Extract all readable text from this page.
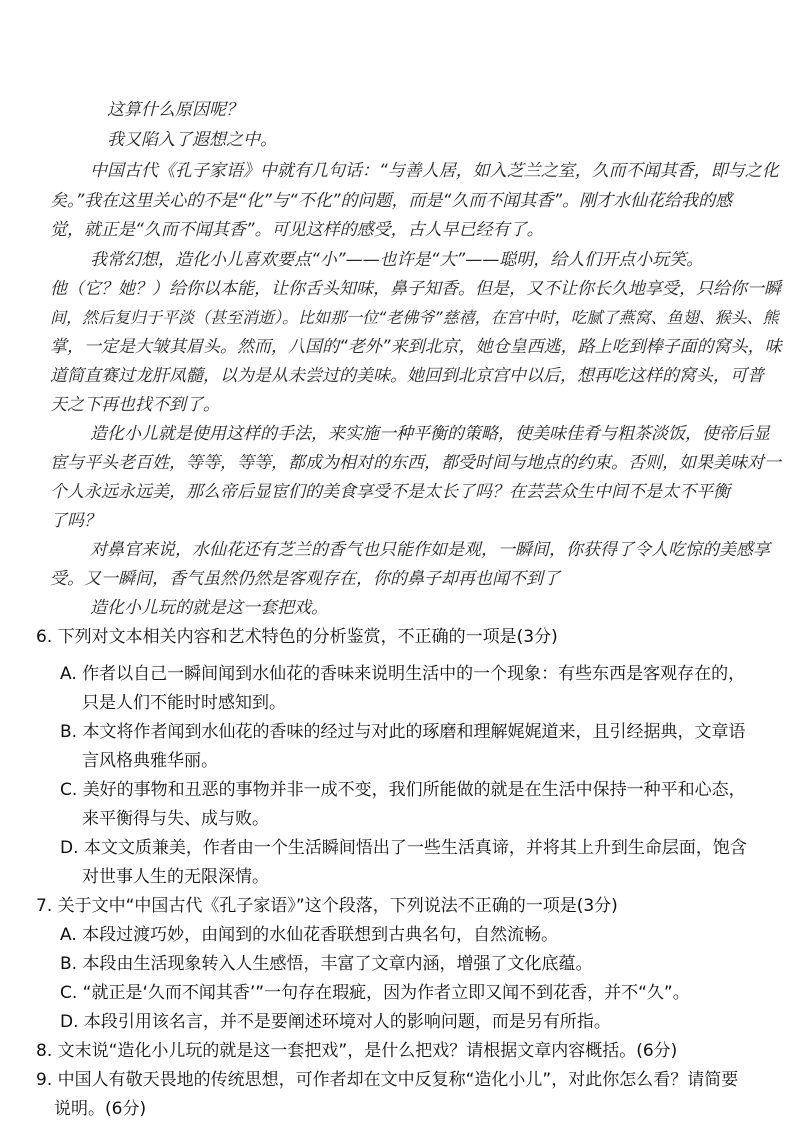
这算什么原因呢？
我又陷入了遐想之中。
中国古代《孔子家语》中就有几句话：“与善人居，如入芝兰之室，久而不闻其香，即与之化
矣。”我在这里关心的不是“化”与“不化”的问题，而是“久而不闻其香”。刚才水仙花给我的感
觉，就正是“久而不闻其香”。可见这样的感受，古人早已经有了。
我常幻想，造化小儿喜欢要点“小”——也许是“大”——聪明，给人们开点小玩笑。
他（它？她？）给你以本能，让你舌头知味，鼻子知香。但是，又不让你长久地享受，只给你一瞬
间，然后复归于平淡（甚至消逝）。比如那一位“老佛爷”慈禧，在宫中时，吃腻了燕窝、鱼翅、猴头、熊
掌，一定是大皱其眉头。然而，八国的“老外”来到北京，她仓皇西逃，路上吃到棒子面的窝头，味
道简直赛过龙肝凤髓，以为是从未尝过的美味。她回到北京宫中以后，想再吃这样的窝头，可普
天之下再也找不到了。
造化小儿就是使用这样的手法，来实施一种平衡的策略，使美味佳肴与粗茶淡饭，使帝后显
宦与平头老百姓，等等，等等，都成为相对的东西，都受时间与地点的约束。否则，如果美味对一
个人永远永远美，那么帝后显宦们的美食享受不是太长了吗？在芸芸众生中间不是太不平衡
了吗？
对鼻官来说，水仙花还有芝兰的香气也只能作如是观，一瞬间，你获得了令人吃惊的美感享
受。又一瞬间，香气虽然仍然是客观存在，你的鼻子却再也闻不到了
造化小儿玩的就是这一套把戏。
6. 下列对文本相关内容和艺术特色的分析鉴赏，不正确的一项是(3分)
A. 作者以自己一瞬间闻到水仙花的香味来说明生活中的一个现象：有些东西是客观存在的，
只是人们不能时时感知到。
B. 本文将作者闻到水仙花的香味的经过与对此的琢磨和理解娓娓道来，且引经据典，文章语
言风格典雅华丽。
C. 美好的事物和丑恶的事物并非一成不变，我们所能做的就是在生活中保持一种平和心态，
来平衡得与失、成与败。
D. 本文文质兼美，作者由一个生活瞬间悟出了一些生活真谛，并将其上升到生命层面，饱含
对世事人生的无限深情。
7. 关于文中“中国古代《孔子家语》”这个段落，下列说法不正确的一项是(3分)
A. 本段过渡巧妙，由闻到的水仙花香联想到古典名句，自然流畅。
B. 本段由生活现象转入人生感悟，丰富了文章内涵，增强了文化底蕴。
C. “就正是‘久而不闻其香’”一句存在瑕疵，因为作者立即又闻不到花香，并不“久”。
D. 本段引用该名言，并不是要阐述环境对人的影响问题，而是另有所指。
8. 文末说“造化小儿玩的就是这一套把戏”，是什么把戏？请根据文章内容概括。(6分)
9. 中国人有敬天畏地的传统思想，可作者却在文中反复称“造化小儿”，对此你怎么看？请简要
说明。(6分)
